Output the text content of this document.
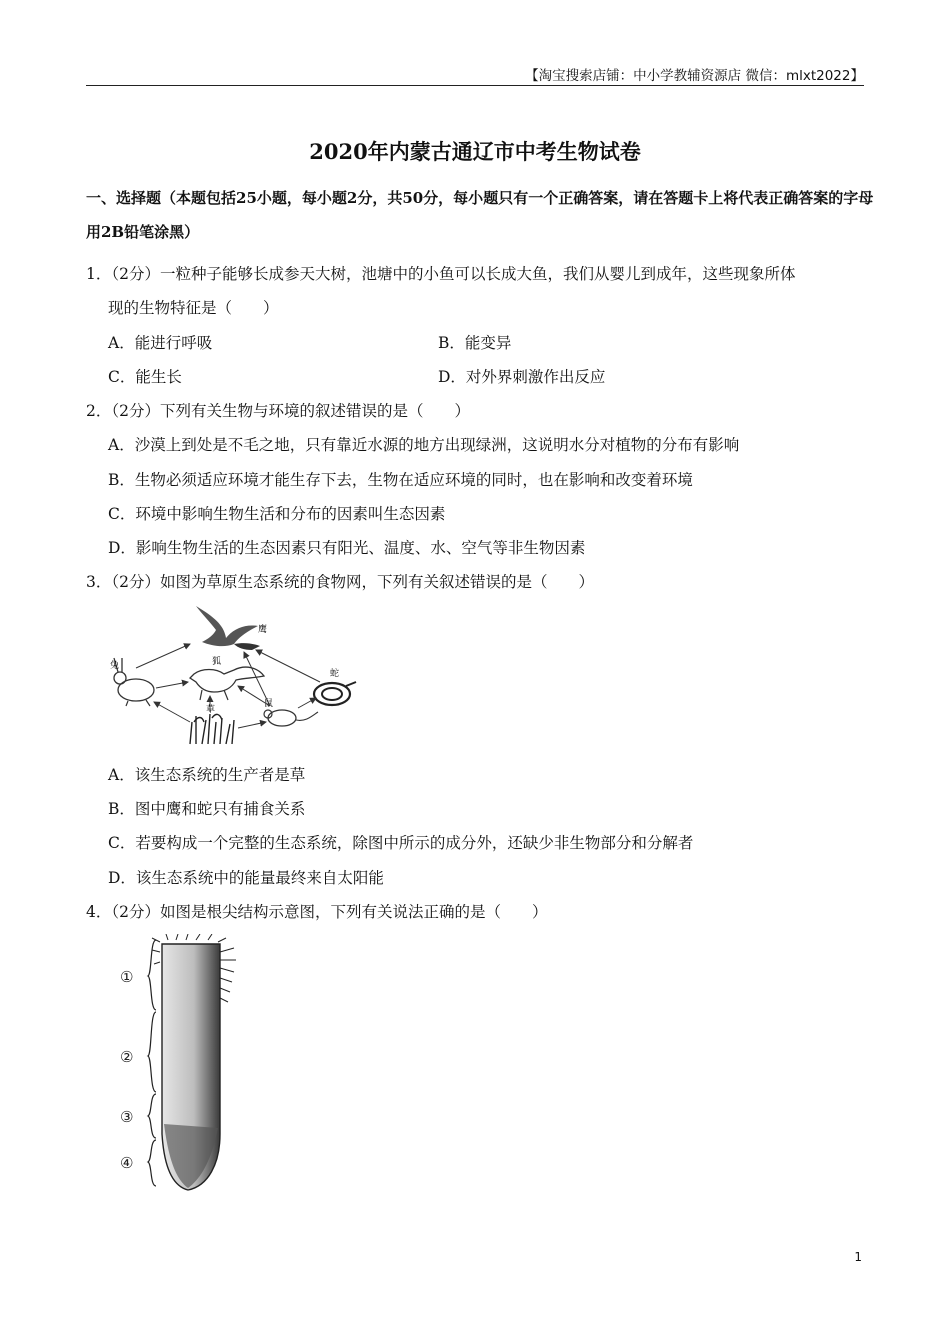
【淘宝搜索店铺：中小学教辅资源店 微信：mlxt2022】
2020年内蒙古通辽市中考生物试卷
一、选择题（本题包括25小题，每小题2分，共50分，每小题只有一个正确答案，请在答题卡上将代表正确答案的字母用2B铅笔涂黑）
1．（2分）一粒种子能够长成参天大树，池塘中的小鱼可以长成大鱼，我们从婴儿到成年，这些现象所体
现的生物特征是（　　）
A．能进行呼吸	B．能变异
C．能生长	D．对外界刺激作出反应
2．（2分）下列有关生物与环境的叙述错误的是（　　）
A．沙漠上到处是不毛之地，只有靠近水源的地方出现绿洲，这说明水分对植物的分布有影响
B．生物必须适应环境才能生存下去，生物在适应环境的同时，也在影响和改变着环境
C．环境中影响生物生活和分布的因素叫生态因素
D．影响生物生活的生态因素只有阳光、温度、水、空气等非生物因素
3．（2分）如图为草原生态系统的食物网，下列有关叙述错误的是（　　）
鹰
兔	狐
蛇
草
鼠
A．该生态系统的生产者是草
B．图中鹰和蛇只有捕食关系
C．若要构成一个完整的生态系统，除图中所示的成分外，还缺少非生物部分和分解者
D．该生态系统中的能量最终来自太阳能
4．（2分）如图是根尖结构示意图，下列有关说法正确的是（　　）
①
②
③
④
1
